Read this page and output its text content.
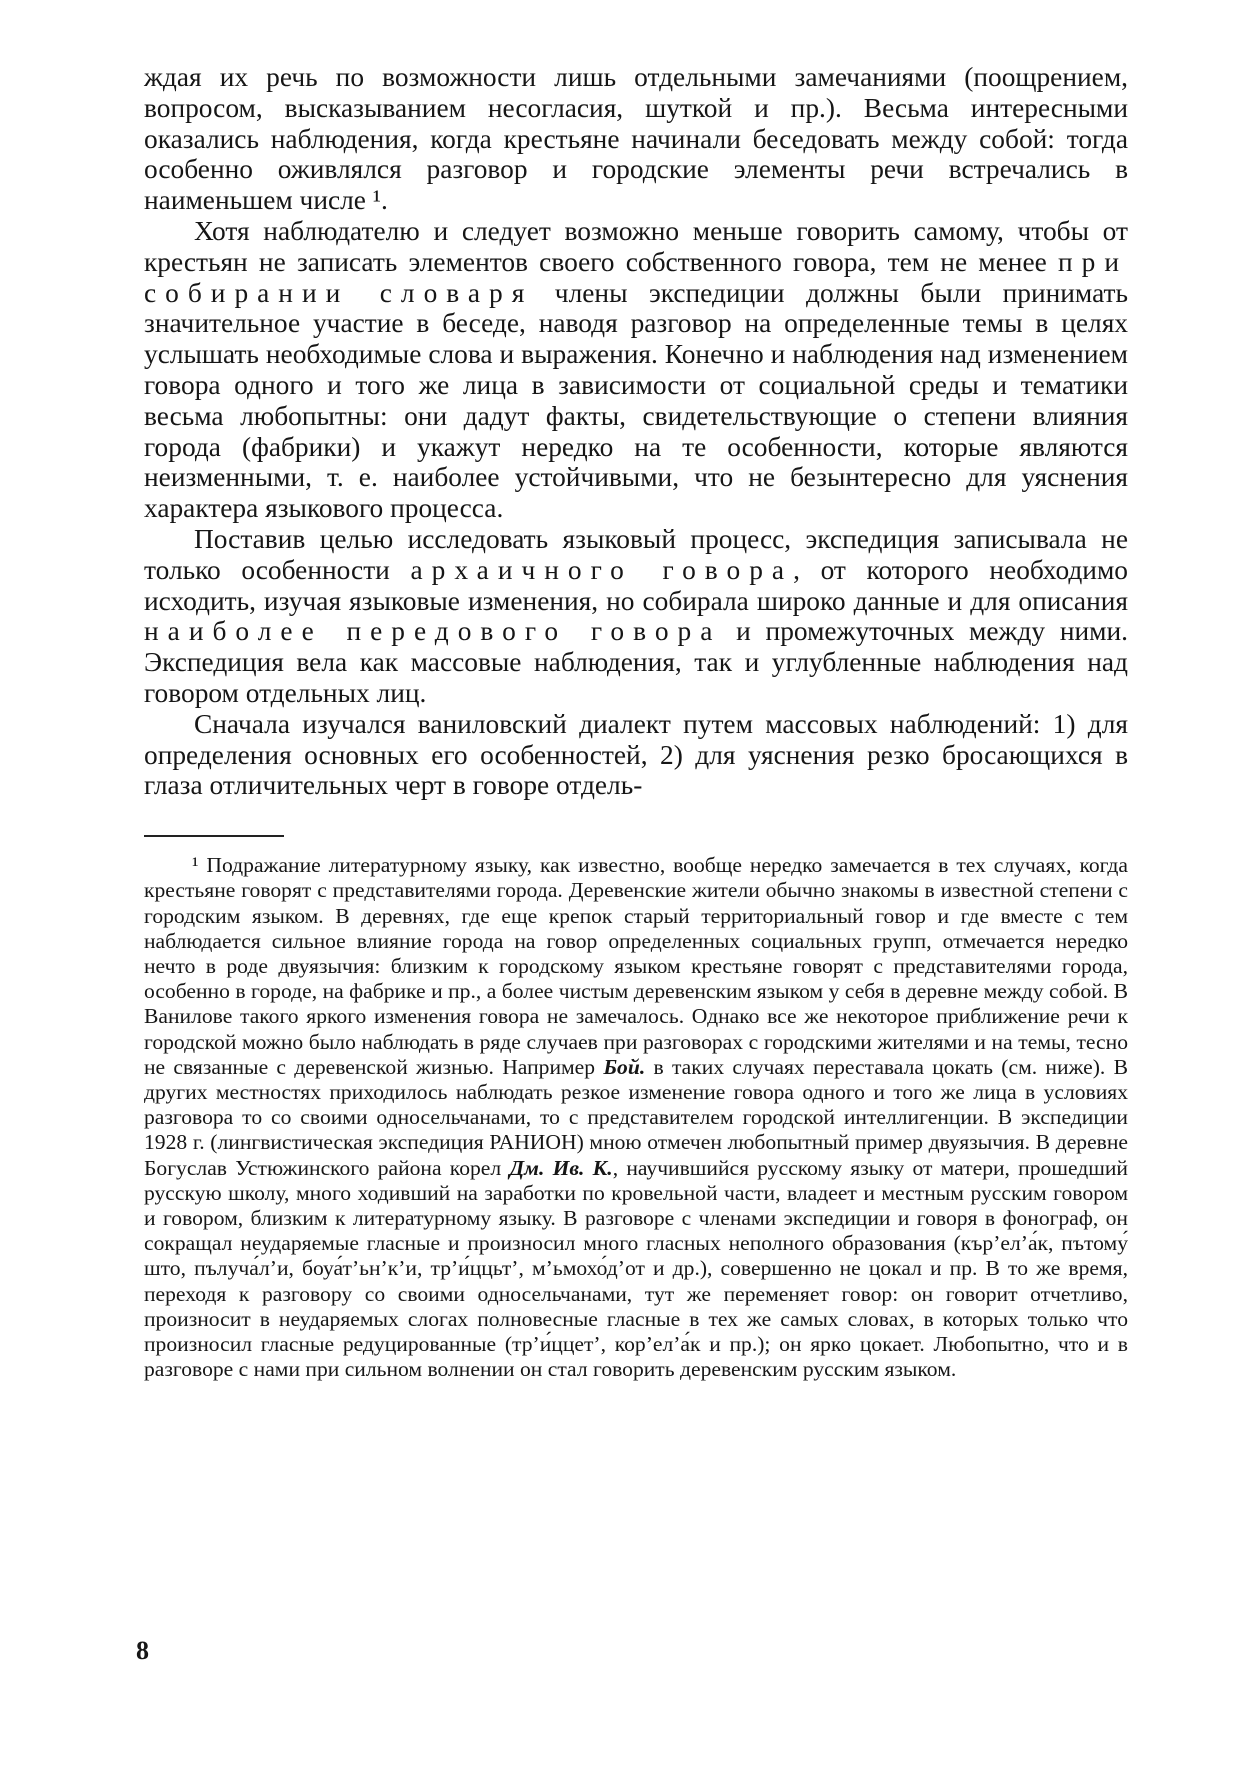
ждая их речь по возможности лишь отдельными замечаниями (поощрением, вопросом, высказыванием несогласия, шуткой и пр.). Весьма интересными оказались наблюдения, когда крестьяне начинали беседовать между собой: тогда особенно оживлялся разговор и городские элементы речи встречались в наименьшем числе ¹.

Хотя наблюдателю и следует возможно меньше говорить самому, чтобы от крестьян не записать элементов своего собственного говора, тем не менее при собирании словаря члены экспедиции должны были принимать значительное участие в беседе, наводя разговор на определенные темы в целях услышать необходимые слова и выражения. Конечно и наблюдения над изменением говора одного и того же лица в зависимости от социальной среды и тематики весьма любопытны: они дадут факты, свидетельствующие о степени влияния города (фабрики) и укажут нередко на те особенности, которые являются неизменными, т. е. наиболее устойчивыми, что не безынтересно для уяснения характера языкового процесса.

Поставив целью исследовать языковый процесс, экспедиция записывала не только особенности архаичного говора, от которого необходимо исходить, изучая языковые изменения, но собирала широко данные и для описания наиболее передового говора и промежуточных между ними. Экспедиция вела как массовые наблюдения, так и углубленные наблюдения над говором отдельных лиц.

Сначала изучался ваниловский диалект путем массовых наблюдений: 1) для определения основных его особенностей, 2) для уяснения резко бросающихся в глаза отличительных черт в говоре отдель-

¹ Подражание литературному языку, как известно, вообще нередко замечается в тех случаях, когда крестьяне говорят с представителями города. Деревенские жители обычно знакомы в известной степени с городским языком. В деревнях, где еще крепок старый территориальный говор и где вместе с тем наблюдается сильное влияние города на говор определенных социальных групп, отмечается нередко нечто в роде двуязычия: близким к городскому языком крестьяне говорят с представителями города, особенно в городе, на фабрике и пр., а более чистым деревенским языком у себя в деревне между собой. В Ванилове такого яркого изменения говора не замечалось. Однако все же некоторое приближение речи к городской можно было наблюдать в ряде случаев при разговорах с городскими жителями и на темы, тесно не связанные с деревенской жизнью. Например Бой. в таких случаях переставала цокать (см. ниже). В других местностях приходилось наблюдать резкое изменение говора одного и того же лица в условиях разговора то со своими односельчанами, то с представителем городской интеллигенции. В экспедиции 1928 г. (лингвистическая экспедиция РАНИОН) мною отмечен любопытный пример двуязычия. В деревне Богуслав Устюжинского района корел Дм. Ив. К., научившийся русскому языку от матери, прошедший русскую школу, много ходивший на заработки по кровельной части, владеет и местным русским говором и говором, близким к литературному языку. В разговоре с членами экспедиции и говоря в фонограф, он сокращал неударяемые гласные и произносил много гласных неполного образования (кър’ел’а́к, пътому́ што, пълуча́л’и, боуа́т’ьн’к’и, тр’и́ццьт’, м’ьмохо́д’от и др.), совершенно не цокал и пр. В то же время, переходя к разговору со своими односельчанами, тут же переменяет говор: он говорит отчетливо, произносит в неударяемых слогах полновесные гласные в тех же самых словах, в которых только что произносил гласные редуцированные (тр’и́ццет’, кор’ел’а́к и пр.); он ярко цокает. Любопытно, что и в разговоре с нами при сильном волнении он стал говорить деревенским русским языком.

8
